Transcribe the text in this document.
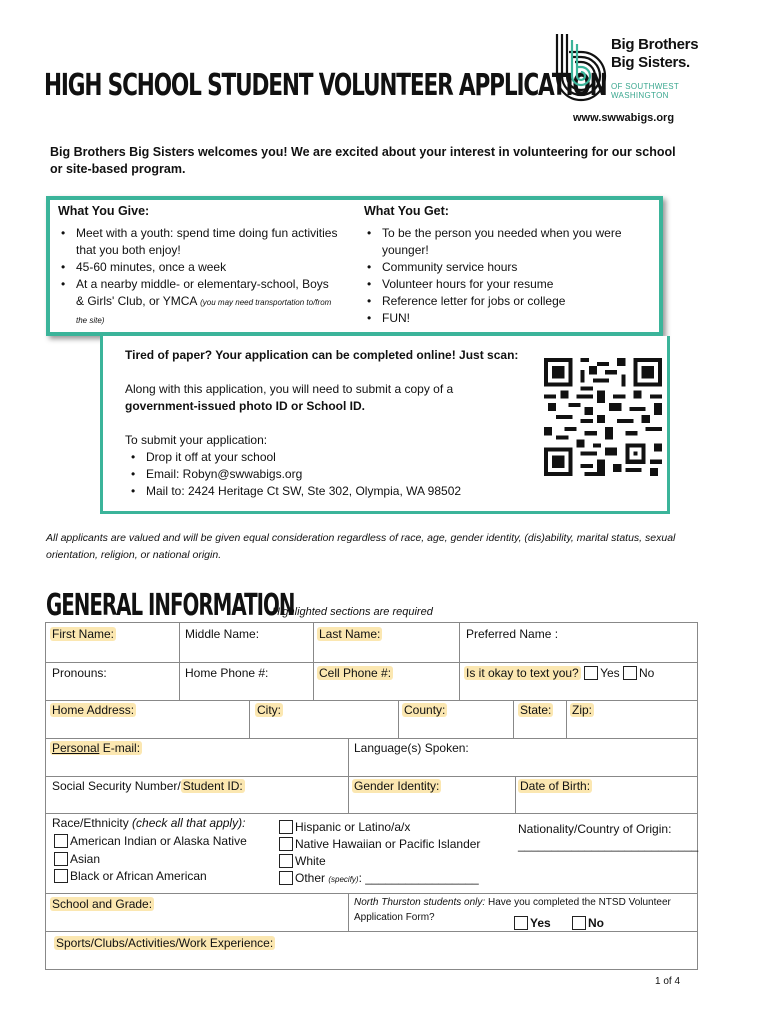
HIGH SCHOOL STUDENT VOLUNTEER APPLICATION
Big Brothers
Big Sisters.
OF SOUTHWEST
WASHINGTON
www.swwabigs.org
Big Brothers Big Sisters welcomes you! We are excited about your interest in volunteering for our school or site-based program.
What You Give:
• Meet with a youth: spend time doing fun activities that you both enjoy!
• 45-60 minutes, once a week
• At a nearby middle- or elementary-school, Boys & Girls' Club, or YMCA (you may need transportation to/from the site)
What You Get:
• To be the person you needed when you were younger!
• Community service hours
• Volunteer hours for your resume
• Reference letter for jobs or college
• FUN!
Tired of paper? Your application can be completed online! Just scan:
Along with this application, you will need to submit a copy of a
government-issued photo ID or School ID.
To submit your application:
• Drop it off at your school
• Email: Robyn@swwabigs.org
• Mail to: 2424 Heritage Ct SW, Ste 302, Olympia, WA 98502
All applicants are valued and will be given equal consideration regardless of race, age, gender identity, (dis)ability, marital status, sexual orientation, religion, or national origin.
GENERAL INFORMATION
Highlighted sections are required
First Name:	Middle Name:	Last Name:	Preferred Name :
Pronouns:	Home Phone #:	Cell Phone #:	Is it okay to text you? Yes No
Home Address:	City:	County:	State: Zip:
Personal E-mail:	Language(s) Spoken:
Social Security Number/ Student ID:	Gender Identity:	Date of Birth:
Race/Ethnicity (check all that apply):
American Indian or Alaska Native
Asian
Black or African American
Hispanic or Latino/a/x
Native Hawaiian or Pacific Islander
White
Other (specify): _________________
Nationality/Country of Origin:
___________________________
School and Grade:	North Thurston students only: Have you completed the NTSD Volunteer Application Form?	Yes	No
Sports/Clubs/Activities/Work Experience:
1 of 4
